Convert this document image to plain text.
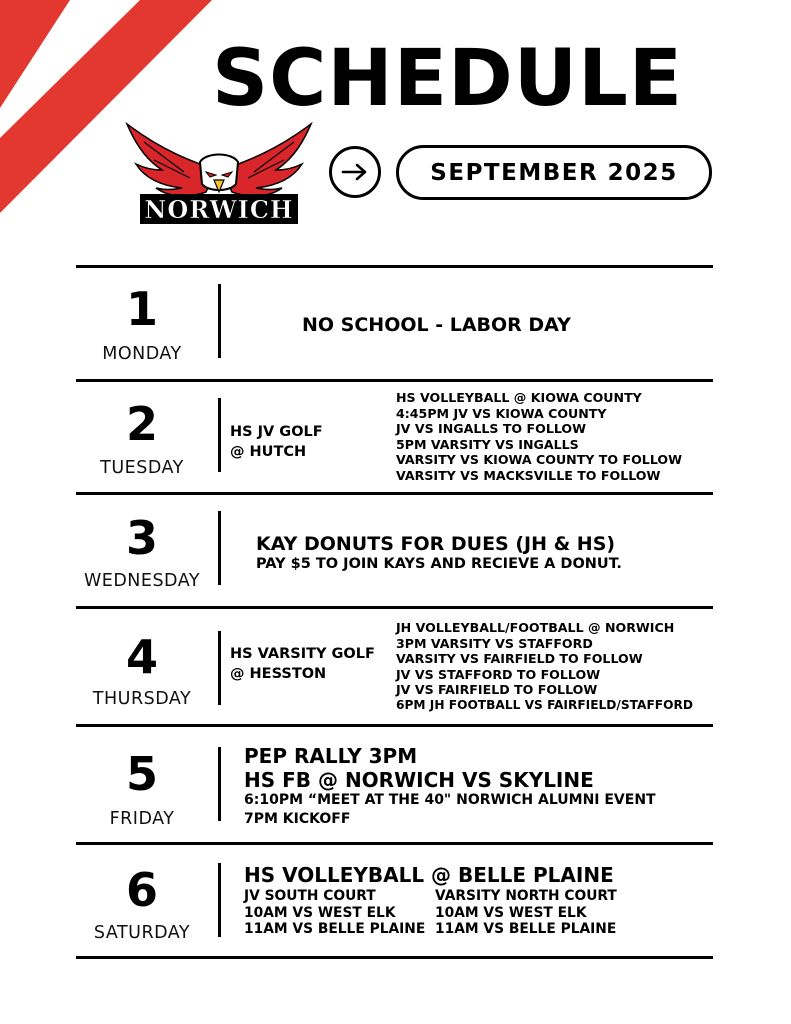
SCHEDULE
NORWICH
SEPTEMBER 2025
1
MONDAY
NO SCHOOL - LABOR DAY
2
TUESDAY
HS JV GOLF
@ HUTCH
HS VOLLEYBALL @ KIOWA COUNTY
4:45PM JV VS KIOWA COUNTY
JV VS INGALLS TO FOLLOW
5PM VARSITY VS INGALLS
VARSITY VS KIOWA COUNTY TO FOLLOW
VARSITY VS MACKSVILLE TO FOLLOW
3
WEDNESDAY
KAY DONUTS FOR DUES (JH & HS)
PAY $5 TO JOIN KAYS AND RECIEVE A DONUT.
4
THURSDAY
HS VARSITY GOLF
@ HESSTON
JH VOLLEYBALL/FOOTBALL @ NORWICH
3PM VARSITY VS STAFFORD
VARSITY VS FAIRFIELD TO FOLLOW
JV VS STAFFORD TO FOLLOW
JV VS FAIRFIELD TO FOLLOW
6PM JH FOOTBALL VS FAIRFIELD/STAFFORD
5
FRIDAY
PEP RALLY 3PM
HS FB @ NORWICH VS SKYLINE
6:10PM “MEET AT THE 40" NORWICH ALUMNI EVENT
7PM KICKOFF
6
SATURDAY
HS VOLLEYBALL @ BELLE PLAINE
JV SOUTH COURT
10AM VS WEST ELK
11AM VS BELLE PLAINE
VARSITY NORTH COURT
10AM VS WEST ELK
11AM VS BELLE PLAINE
